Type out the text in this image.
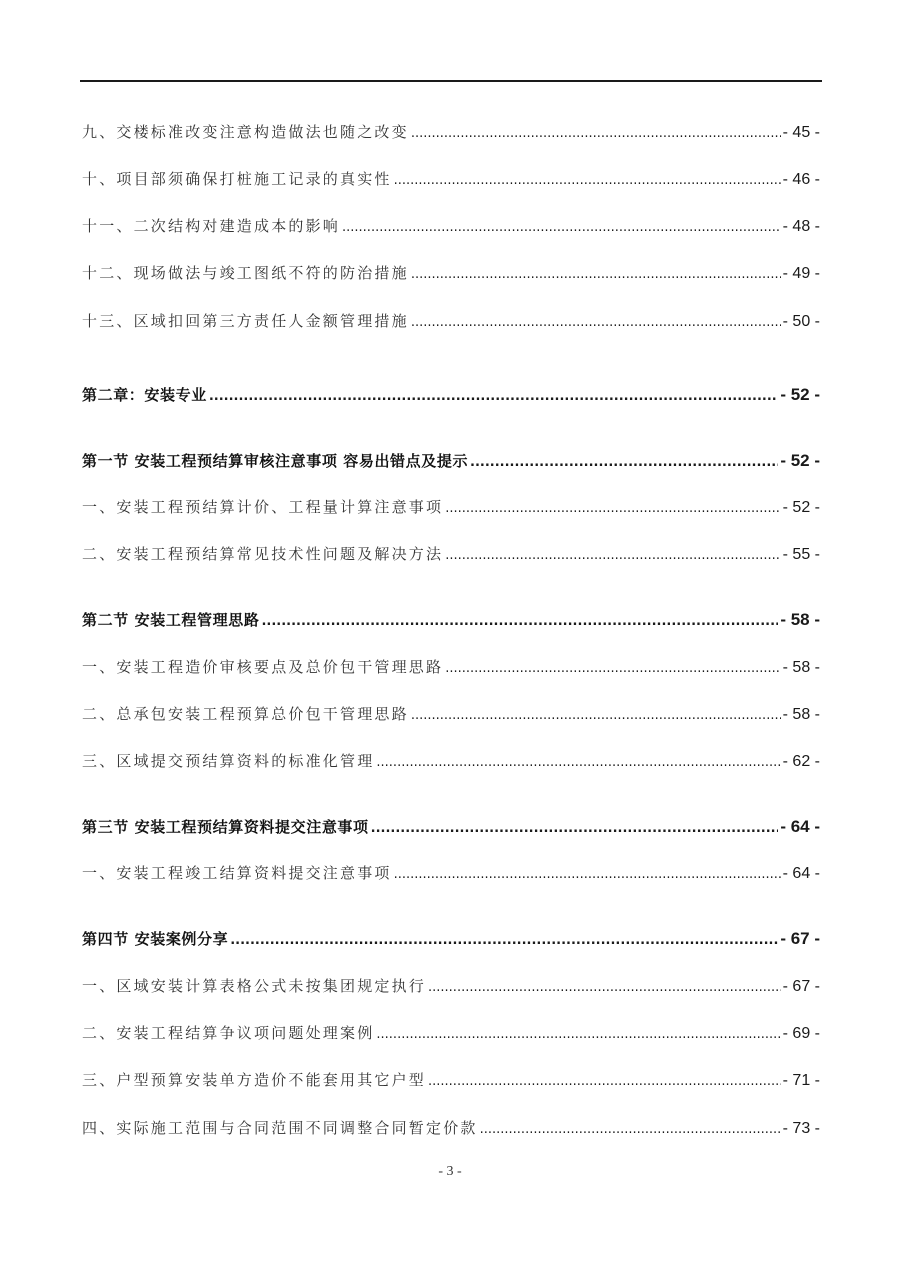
九、交楼标准改变注意构造做法也随之改变 .....	- 45 -
十、项目部须确保打桩施工记录的真实性 .....	- 46 -
十一、二次结构对建造成本的影响 .....	- 48 -
十二、现场做法与竣工图纸不符的防治措施 .....	- 49 -
十三、区域扣回第三方责任人金额管理措施 .....	- 50 -
第二章：安装专业 .....	- 52 -
第一节 安装工程预结算审核注意事项 容易出错点及提示 .....	- 52 -
一、安装工程预结算计价、工程量计算注意事项 .....	- 52 -
二、安装工程预结算常见技术性问题及解决方法 .....	- 55 -
第二节 安装工程管理思路 .....	- 58 -
一、安装工程造价审核要点及总价包干管理思路 .....	- 58 -
二、总承包安装工程预算总价包干管理思路 .....	- 58 -
三、区域提交预结算资料的标准化管理 .....	- 62 -
第三节 安装工程预结算资料提交注意事项 .....	- 64 -
一、安装工程竣工结算资料提交注意事项 .....	- 64 -
第四节 安装案例分享 .....	- 67 -
一、区域安装计算表格公式未按集团规定执行 .....	- 67 -
二、安装工程结算争议项问题处理案例 .....	- 69 -
三、户型预算安装单方造价不能套用其它户型 .....	- 71 -
四、实际施工范围与合同范围不同调整合同暂定价款 .....	- 73 -
- 3 -
